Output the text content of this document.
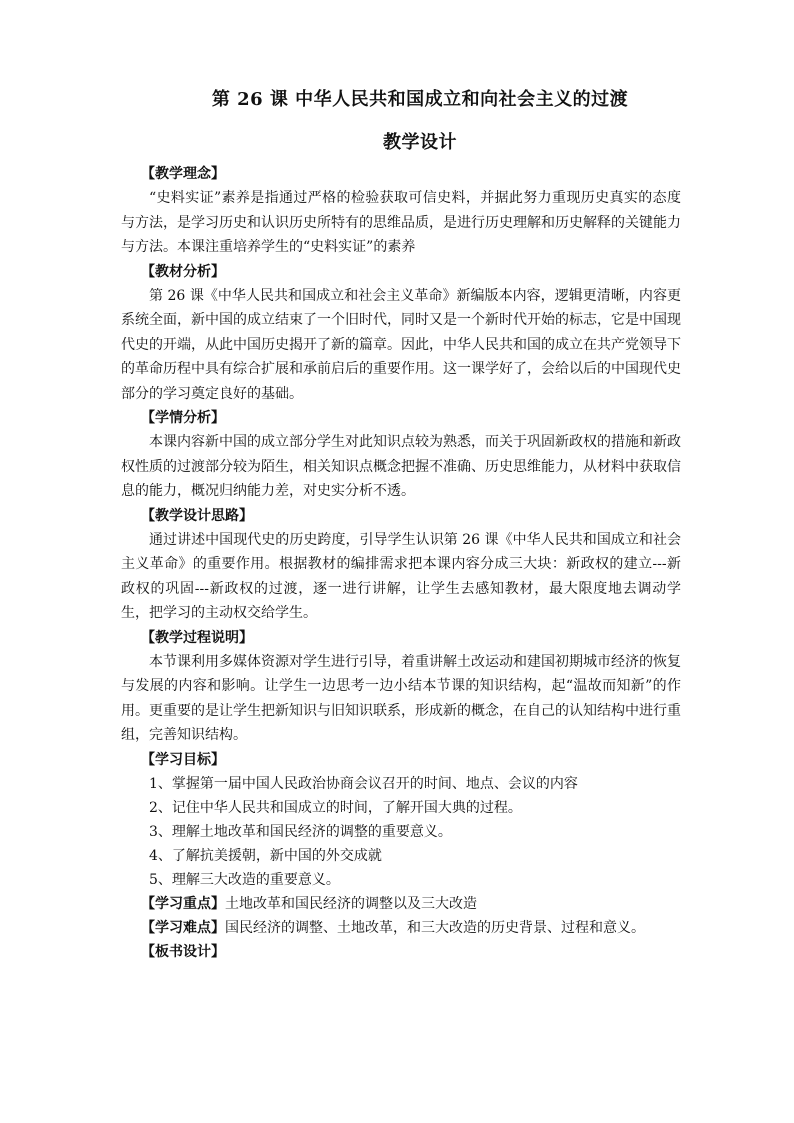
第 26 课 中华人民共和国成立和向社会主义的过渡
教学设计
【教学理念】

“史料实证”素养是指通过严格的检验获取可信史料，并据此努力重现历史真实的态度与方法，是学习历史和认识历史所特有的思维品质，是进行历史理解和历史解释的关键能力与方法。本课注重培养学生的“史料实证”的素养

【教材分析】

第 26 课《中华人民共和国成立和社会主义革命》新编版本内容，逻辑更清晰，内容更系统全面，新中国的成立结束了一个旧时代，同时又是一个新时代开始的标志，它是中国现代史的开端，从此中国历史揭开了新的篇章。因此，中华人民共和国的成立在共产党领导下的革命历程中具有综合扩展和承前启后的重要作用。这一课学好了，会给以后的中国现代史部分的学习奠定良好的基础。

【学情分析】

本课内容新中国的成立部分学生对此知识点较为熟悉，而关于巩固新政权的措施和新政权性质的过渡部分较为陌生，相关知识点概念把握不准确、历史思维能力，从材料中获取信息的能力，概况归纳能力差，对史实分析不透。

【教学设计思路】

通过讲述中国现代史的历史跨度，引导学生认识第 26 课《中华人民共和国成立和社会主义革命》的重要作用。根据教材的编排需求把本课内容分成三大块：新政权的建立---新政权的巩固---新政权的过渡，逐一进行讲解，让学生去感知教材，最大限度地去调动学生，把学习的主动权交给学生。

【教学过程说明】

本节课利用多媒体资源对学生进行引导，着重讲解土改运动和建国初期城市经济的恢复与发展的内容和影响。让学生一边思考一边小结本节课的知识结构，起“温故而知新”的作用。更重要的是让学生把新知识与旧知识联系，形成新的概念，在自己的认知结构中进行重组，完善知识结构。

【学习目标】
1、掌握第一届中国人民政治协商会议召开的时间、地点、会议的内容
2、记住中华人民共和国成立的时间，了解开国大典的过程。
3、理解土地改革和国民经济的调整的重要意义。
4、了解抗美援朝，新中国的外交成就
5、理解三大改造的重要意义。
【学习重点】土地改革和国民经济的调整以及三大改造
【学习难点】国民经济的调整、土地改革，和三大改造的历史背景、过程和意义。
【板书设计】
